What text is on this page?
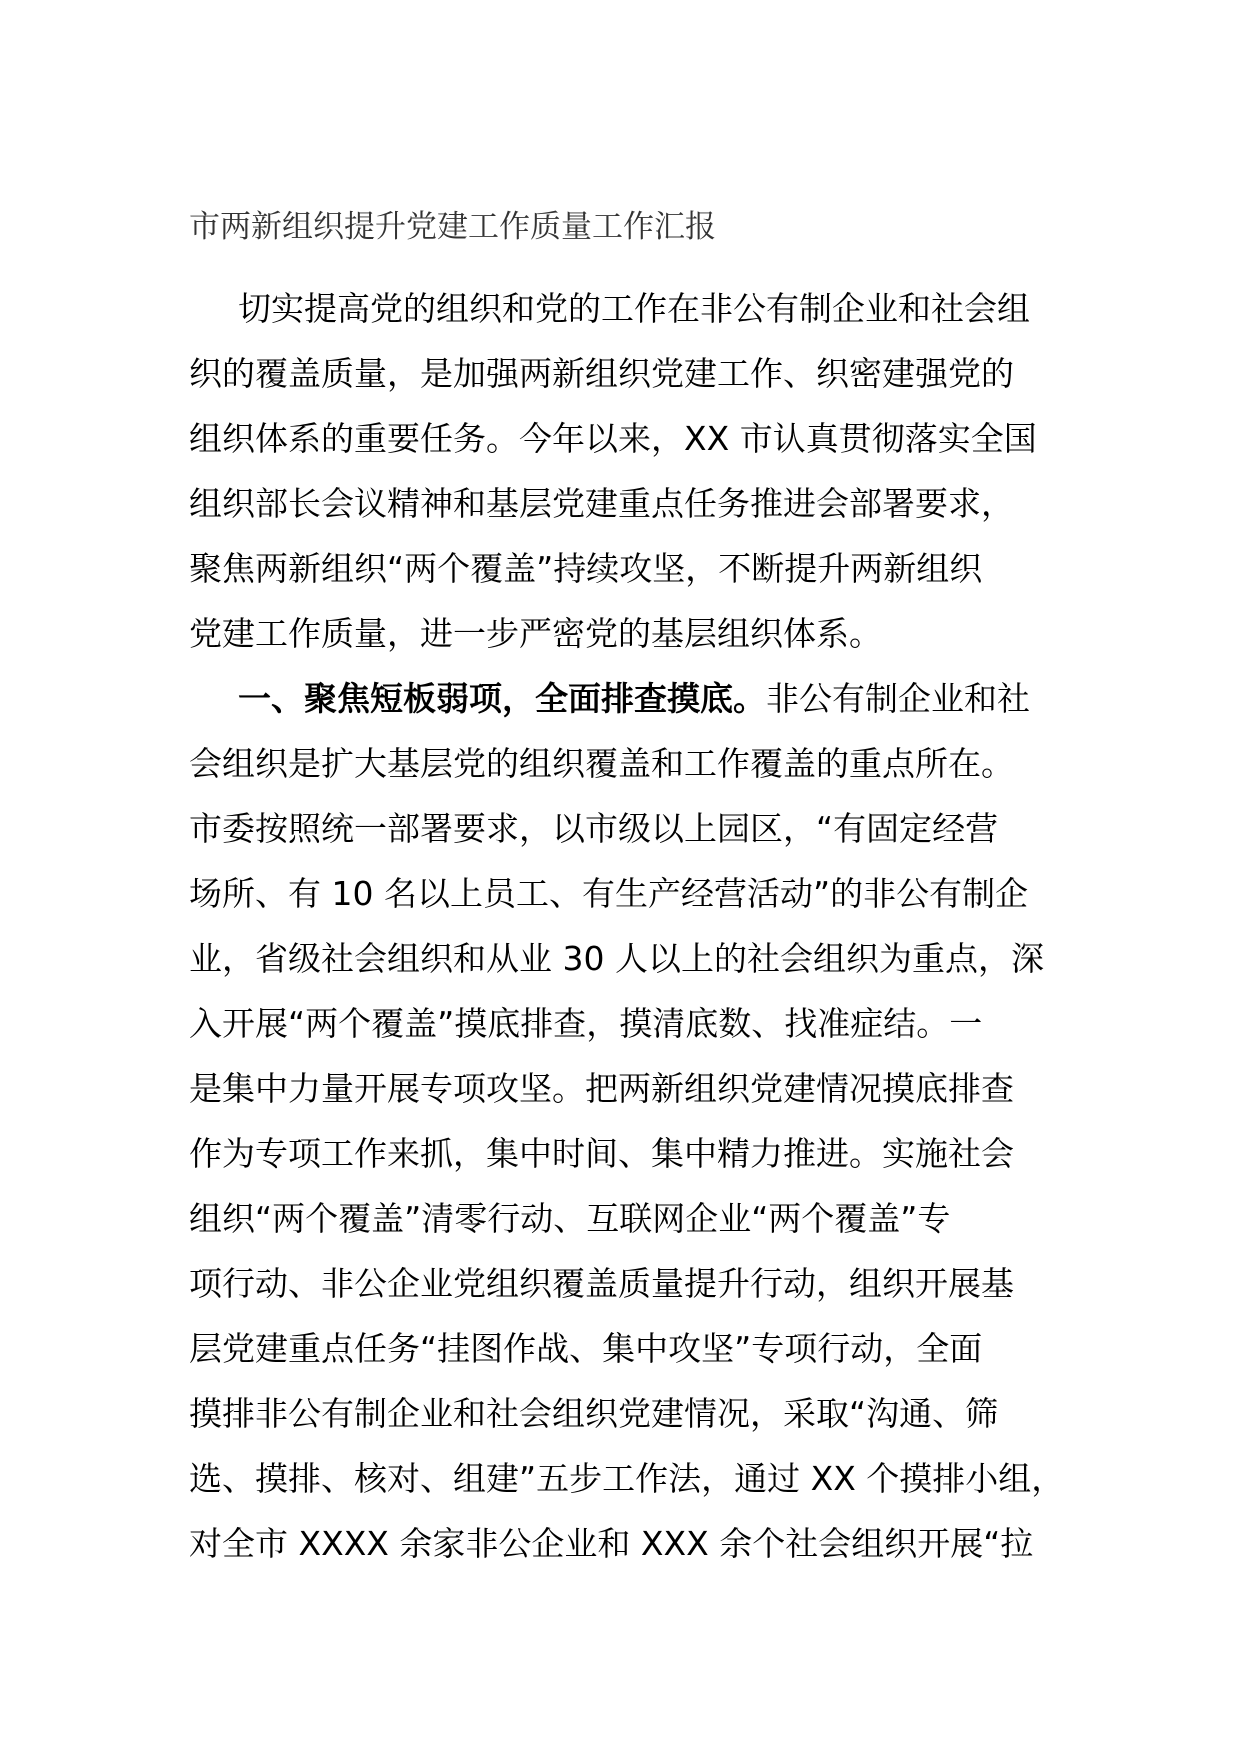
市两新组织提升党建工作质量工作汇报
切实提高党的组织和党的工作在非公有制企业和社会组
织的覆盖质量，是加强两新组织党建工作、织密建强党的
组织体系的重要任务。今年以来，XX 市认真贯彻落实全国
组织部长会议精神和基层党建重点任务推进会部署要求，
聚焦两新组织“两个覆盖”持续攻坚，不断提升两新组织
党建工作质量，进一步严密党的基层组织体系。
一、聚焦短板弱项，全面排查摸底。非公有制企业和社
会组织是扩大基层党的组织覆盖和工作覆盖的重点所在。
市委按照统一部署要求，以市级以上园区，“有固定经营
场所、有 10 名以上员工、有生产经营活动”的非公有制企
业，省级社会组织和从业 30 人以上的社会组织为重点，深
入开展“两个覆盖”摸底排查，摸清底数、找准症结。一
是集中力量开展专项攻坚。把两新组织党建情况摸底排查
作为专项工作来抓，集中时间、集中精力推进。实施社会
组织“两个覆盖”清零行动、互联网企业“两个覆盖”专
项行动、非公企业党组织覆盖质量提升行动，组织开展基
层党建重点任务“挂图作战、集中攻坚”专项行动，全面
摸排非公有制企业和社会组织党建情况，采取“沟通、筛
选、摸排、核对、组建”五步工作法，通过 XX 个摸排小组，
对全市 XXXX 余家非公企业和 XXX 余个社会组织开展“拉
